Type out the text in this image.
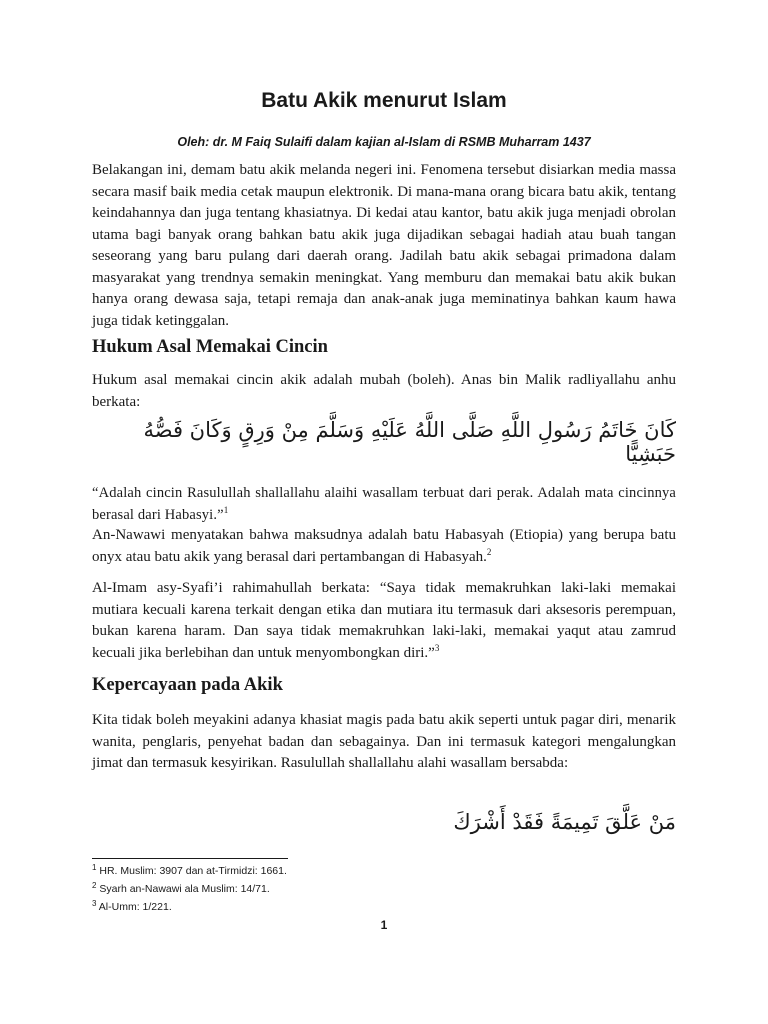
Batu Akik menurut Islam
Oleh: dr. M Faiq Sulaifi dalam kajian al-Islam di RSMB Muharram 1437

Belakangan ini, demam batu akik melanda negeri ini. Fenomena tersebut disiarkan media massa secara masif baik media cetak maupun elektronik. Di mana-mana orang bicara batu akik, tentang keindahannya dan juga tentang khasiatnya. Di kedai atau kantor, batu akik juga menjadi obrolan utama bagi banyak orang bahkan batu akik juga dijadikan sebagai hadiah atau buah tangan seseorang yang baru pulang dari daerah orang. Jadilah batu akik sebagai primadona dalam masyarakat yang trendnya semakin meningkat. Yang memburu dan memakai batu akik bukan hanya orang dewasa saja, tetapi remaja dan anak-anak juga meminatinya bahkan kaum hawa juga tidak ketinggalan.

Hukum Asal Memakai Cincin

Hukum asal memakai cincin akik adalah mubah (boleh). Anas bin Malik radliyallahu anhu berkata:

كَانَ خَاتَمُ رَسُولِ اللَّهِ صَلَّى اللَّهُ عَلَيْهِ وَسَلَّمَ مِنْ وَرِقٍ وَكَانَ فَصُّهُ حَبَشِيًّا

“Adalah cincin Rasulullah shallallahu alaihi wasallam terbuat dari perak. Adalah mata cincinnya berasal dari Habasyi.”$^1$

An-Nawawi menyatakan bahwa maksudnya adalah batu Habasyah (Etiopia) yang berupa batu onyx atau batu akik yang berasal dari pertambangan di Habasyah.$^2$

Al-Imam asy-Syafi’i rahimahullah berkata: “Saya tidak memakruhkan laki-laki memakai mutiara kecuali karena terkait dengan etika dan mutiara itu termasuk dari aksesoris perempuan, bukan karena haram. Dan saya tidak memakruhkan laki-laki, memakai yaqut atau zamrud kecuali jika berlebihan dan untuk menyombongkan diri.”$^3$

Kepercayaan pada Akik

Kita tidak boleh meyakini adanya khasiat magis pada batu akik seperti untuk pagar diri, menarik wanita, penglaris, penyehat badan dan sebagainya. Dan ini termasuk kategori mengalungkan jimat dan termasuk kesyirikan. Rasulullah shallallahu alahi wasallam bersabda:

مَنْ عَلَّقَ تَمِيمَةً فَقَدْ أَشْرَكَ

$^1$ HR. Muslim: 3907 dan at-Tirmidzi: 1661.

$^2$ Syarh an-Nawawi ala Muslim: 14/71.

$^3$ Al-Umm: 1/221.

1
